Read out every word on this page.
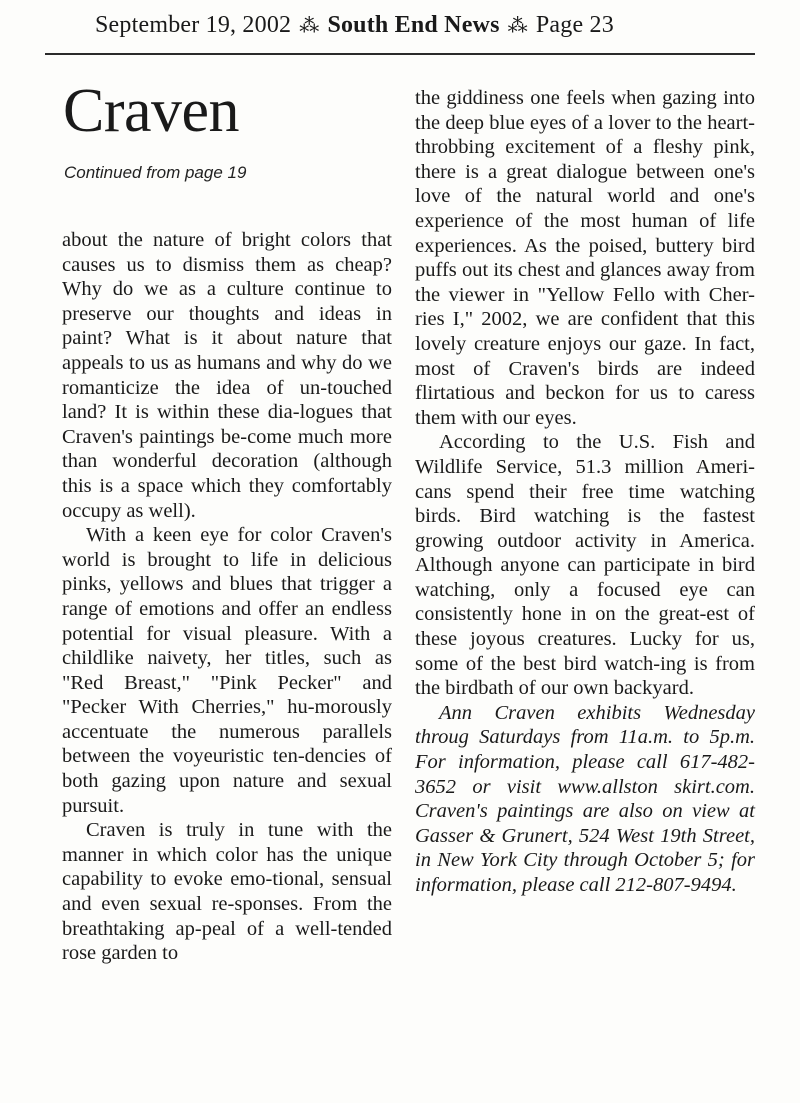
September 19, 2002 ⁂ South End News ⁂ Page 23
Craven
Continued from page 19

about the nature of bright colors that causes us to dismiss them as cheap? Why do we as a culture continue to preserve our thoughts and ideas in paint? What is it about nature that appeals to us as humans and why do we romanticize the idea of un-touched land? It is within these dia-logues that Craven's paintings be-come much more than wonderful decoration (although this is a space which they comfortably occupy as well).

With a keen eye for color Craven's world is brought to life in delicious pinks, yellows and blues that trigger a range of emotions and offer an endless potential for visual pleasure. With a childlike naivety, her titles, such as "Red Breast," "Pink Pecker" and "Pecker With Cherries," hu-morously accentuate the numerous parallels between the voyeuristic ten-dencies of both gazing upon nature and sexual pursuit.

Craven is truly in tune with the manner in which color has the unique capability to evoke emo-tional, sensual and even sexual re-sponses. From the breathtaking ap-peal of a well-tended rose garden to

the giddiness one feels when gazing into the deep blue eyes of a lover to the heart-throbbing excitement of a fleshy pink, there is a great dialogue between one's love of the natural world and one's experience of the most human of life experiences. As the poised, buttery bird puffs out its chest and glances away from the viewer in "Yellow Fello with Cher-ries I," 2002, we are confident that this lovely creature enjoys our gaze. In fact, most of Craven's birds are indeed flirtatious and beckon for us to caress them with our eyes.

According to the U.S. Fish and Wildlife Service, 51.3 million Ameri-cans spend their free time watching birds. Bird watching is the fastest growing outdoor activity in America. Although anyone can participate in bird watching, only a focused eye can consistently hone in on the great-est of these joyous creatures. Lucky for us, some of the best bird watch-ing is from the birdbath of our own backyard.

Ann Craven exhibits Wednesday throug Saturdays from 11a.m. to 5p.m. For information, please call 617-482-3652 or visit www.allston skirt.com. Craven's paintings are also on view at Gasser & Grunert, 524 West 19th Street, in New York City through October 5; for information, please call 212-807-9494.
